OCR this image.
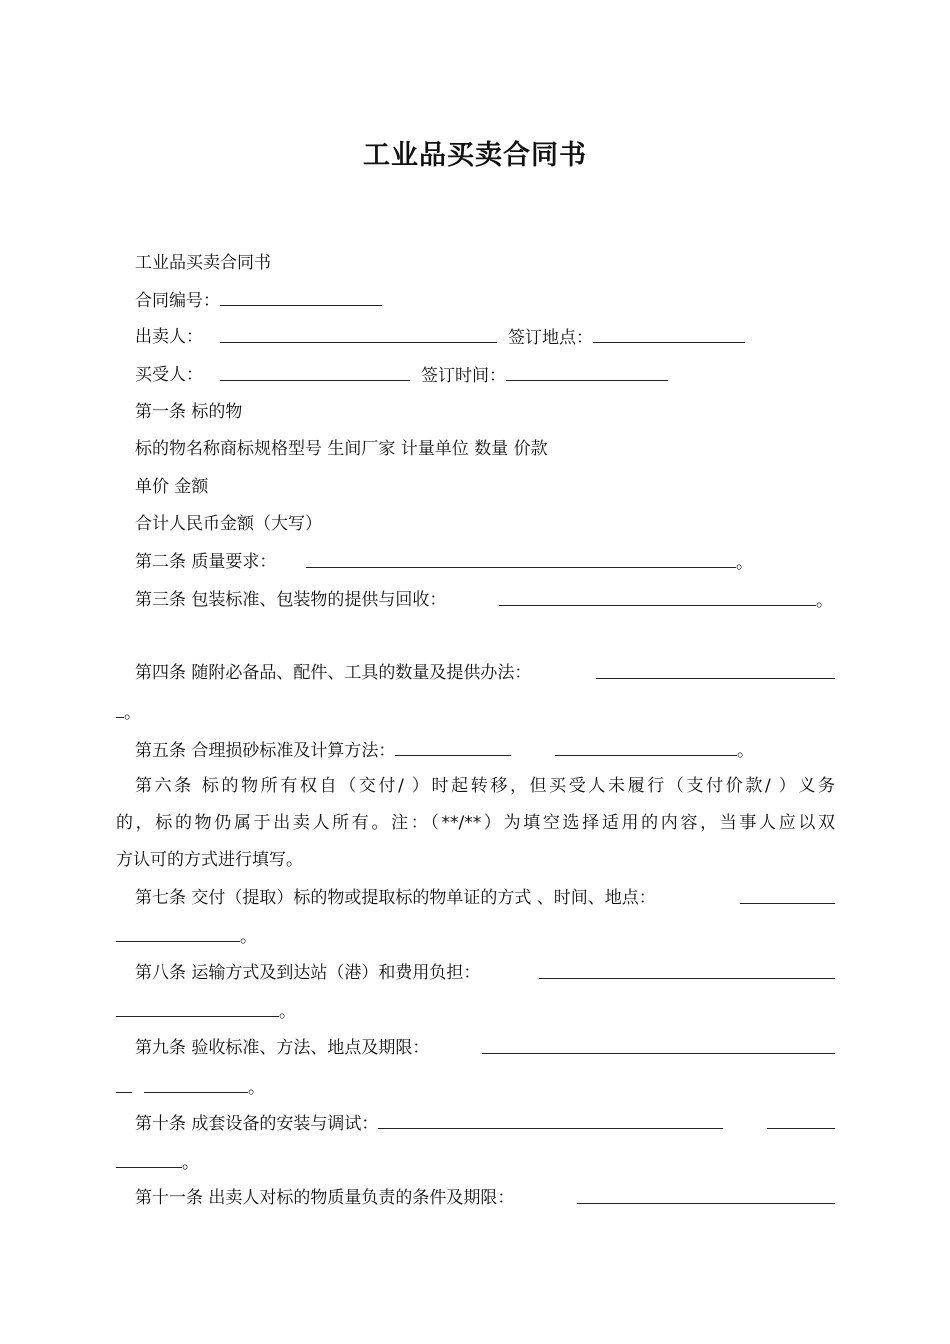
工业品买卖合同书
工业品买卖合同书
合同编号：
出卖人：	签订地点：
买受人：	签订时间：
第一条 标的物
标的物名称商标规格型号 生间厂家 计量单位 数量 价款
单价 金额
合计人民币金额（大写）
第二条 质量要求：	。
第三条 包装标准、包装物的提供与回收：	。
第四条 随附必备品、配件、工具的数量及提供办法：
。
第五条 合理损砂标准及计算方法：	。
第六条 标的物所有权自（交付/ ）时起转移，但买受人未履行（支付价款/ ）义务
的，标的物仍属于出卖人所有。注：（**/**）为填空选择适用的内容，当事人应以双
方认可的方式进行填写。
第七条 交付（提取）标的物或提取标的物单证的方式 、时间、地点：
。
第八条 运输方式及到达站（港）和费用负担：
。
第九条 验收标准、方法、地点及期限：
。
第十条 成套设备的安装与调试：
。
第十一条 出卖人对标的物质量负责的条件及期限：
